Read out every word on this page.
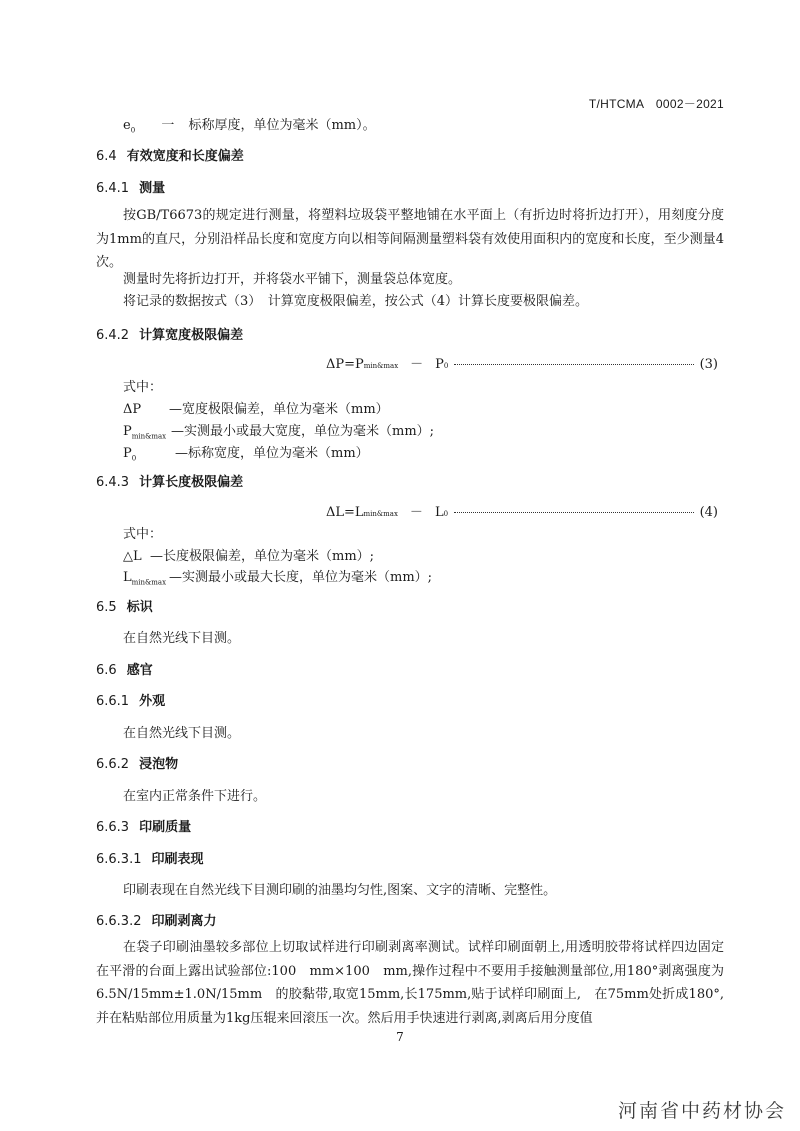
T/HTCMA　0002－2021
$e_0$ 一 标称厚度，单位为毫米（mm）。
6.4 有效宽度和长度偏差
6.4.1 测量
按GB/T6673的规定进行测量，将塑料垃圾袋平整地铺在水平面上（有折边时将折边打开），用刻度分度为1mm的直尺，分别沿样品长度和宽度方向以相等间隔测量塑料袋有效使用面积内的宽度和长度，至少测量4次。
测量时先将折边打开，并将袋水平铺下，测量袋总体宽度。
将记录的数据按式（3）　计算宽度极限偏差，按公式（4）计算长度要极限偏差。
6.4.2 计算宽度极限偏差
ΔP=P min&max － P 0	(3)
式中：
ΔP —宽度极限偏差，单位为毫米（mm）
$P_{min\&max}$ —实测最小或最大宽度，单位为毫米（mm）;
$P_0$	—标称宽度，单位为毫米（mm）
6.4.3 计算长度极限偏差
ΔL=L min&max － L 0	(4)
式中：
△L —长度极限偏差，单位为毫米（mm）;
$L_{min\&max}$ —实测最小或最大长度，单位为毫米（mm）;
6.5 标识
在自然光线下目测。
6.6 感官
6.6.1 外观
在自然光线下目测。
6.6.2 浸泡物
在室内正常条件下进行。
6.6.3 印刷质量
6.6.3.1 印刷表现
印刷表现在自然光线下目测印刷的油墨均匀性,图案、文字的清晰、完整性。
6.6.3.2 印刷剥离力
在袋子印刷油墨较多部位上切取试样进行印刷剥离率测试。试样印刷面朝上,用透明胶带将试样四边固定在平滑的台面上露出试验部位:100　mm×100　mm,操作过程中不要用手接触测量部位,用180°剥离强度为6.5N/15mm±1.0N/15mm　的胶黏带,取宽15mm,长175mm,贴于试样印刷面上,　在75mm处折成180°,并在粘贴部位用质量为1kg压辊来回滚压一次。然后用手快速进行剥离,剥离后用分度值
7
河南省中药材协会
